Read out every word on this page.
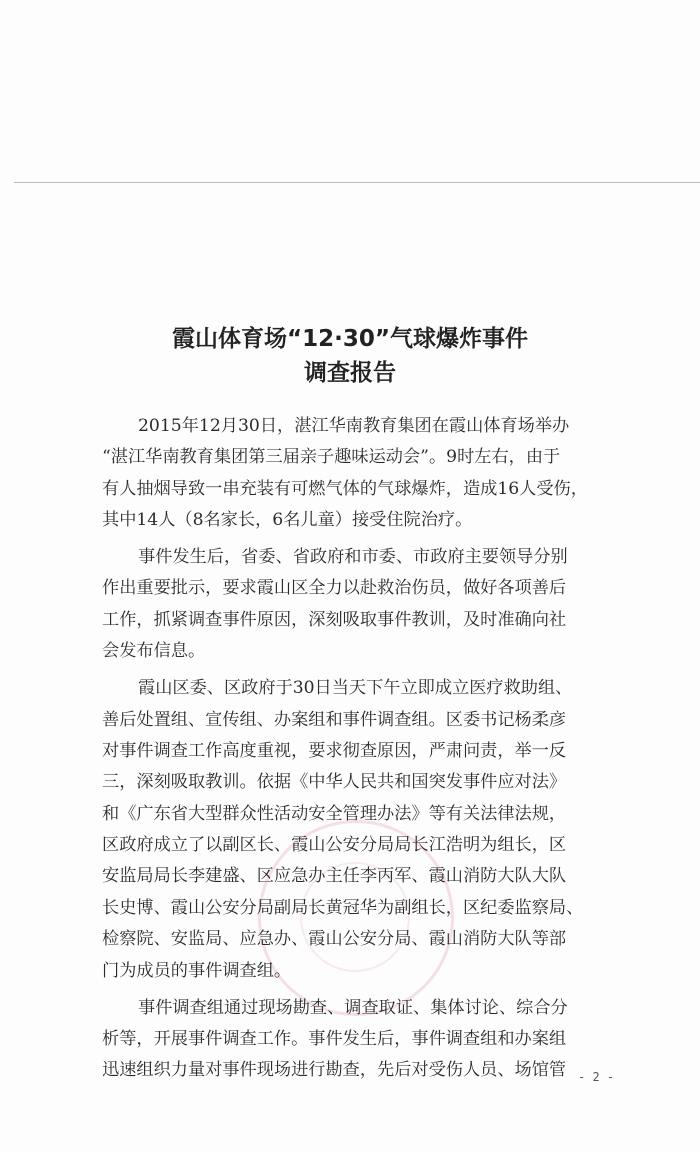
霞山体育场“12·30”气球爆炸事件
调查报告
2015年12月30日，湛江华南教育集团在霞山体育场举办
“湛江华南教育集团第三届亲子趣味运动会”。9时左右，由于
有人抽烟导致一串充装有可燃气体的气球爆炸，造成16人受伤，
其中14人（8名家长，6名儿童）接受住院治疗。
事件发生后，省委、省政府和市委、市政府主要领导分别
作出重要批示，要求霞山区全力以赴救治伤员，做好各项善后
工作，抓紧调查事件原因，深刻吸取事件教训，及时准确向社
会发布信息。
霞山区委、区政府于30日当天下午立即成立医疗救助组、
善后处置组、宣传组、办案组和事件调查组。区委书记杨柔彦
对事件调查工作高度重视，要求彻查原因，严肃问责，举一反
三，深刻吸取教训。依据《中华人民共和国突发事件应对法》
和《广东省大型群众性活动安全管理办法》等有关法律法规，
区政府成立了以副区长、霞山公安分局局长江浩明为组长，区
安监局局长李建盛、区应急办主任李丙军、霞山消防大队大队
长史博、霞山公安分局副局长黄冠华为副组长，区纪委监察局、
检察院、安监局、应急办、霞山公安分局、霞山消防大队等部
门为成员的事件调查组。
事件调查组通过现场勘查、调查取证、集体讨论、综合分
析等，开展事件调查工作。事件发生后，事件调查组和办案组
迅速组织力量对事件现场进行勘查，先后对受伤人员、场馆管 - 2 -
